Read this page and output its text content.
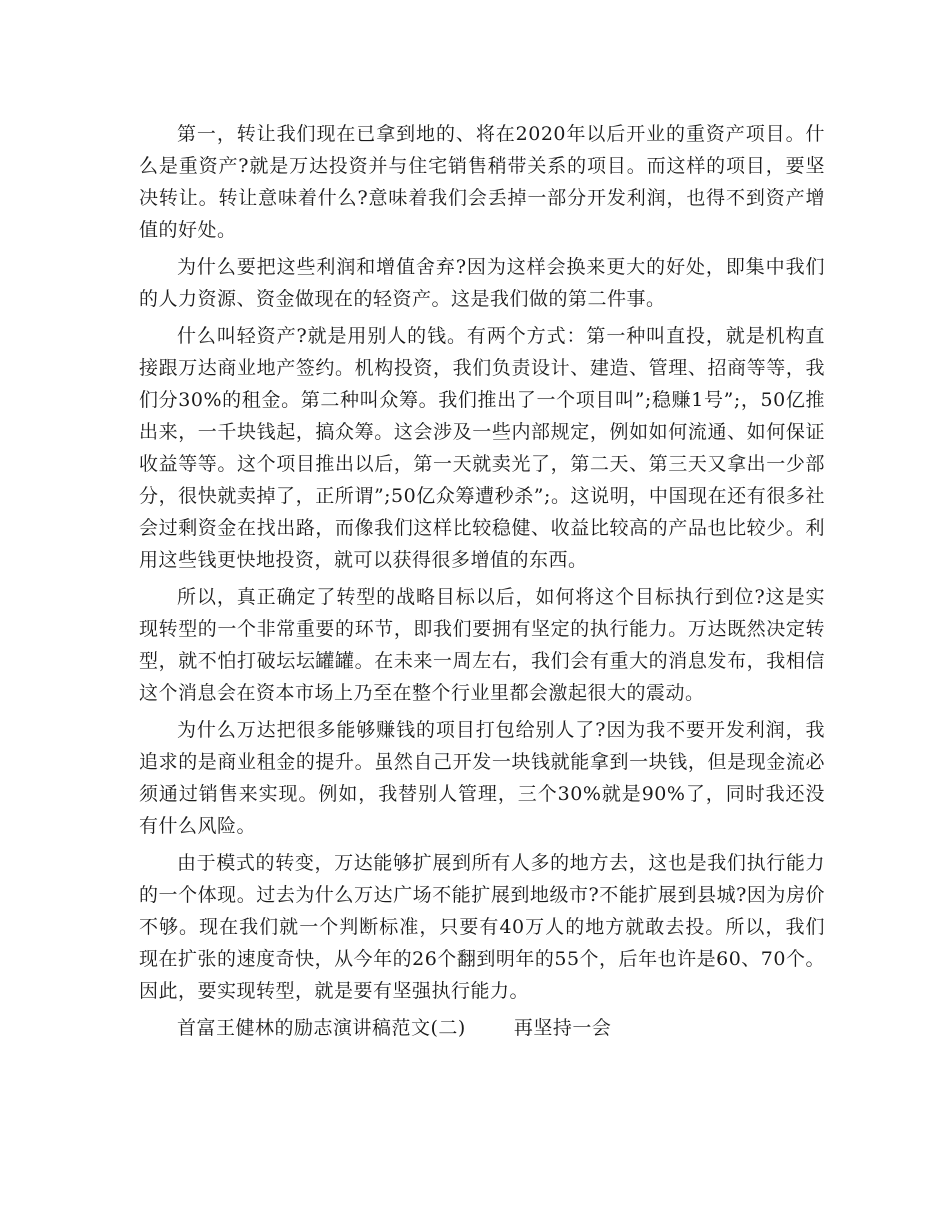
第一，转让我们现在已拿到地的、将在2020年以后开业的重资产项目。什么是重资产?就是万达投资并与住宅销售稍带关系的项目。而这样的项目，要坚决转让。转让意味着什么?意味着我们会丢掉一部分开发利润，也得不到资产增值的好处。

为什么要把这些利润和增值舍弃?因为这样会换来更大的好处，即集中我们的人力资源、资金做现在的轻资产。这是我们做的第二件事。

什么叫轻资产?就是用别人的钱。有两个方式：第一种叫直投，就是机构直接跟万达商业地产签约。机构投资，我们负责设计、建造、管理、招商等等，我们分30%的租金。第二种叫众筹。我们推出了一个项目叫”;稳赚1号”;，50亿推出来，一千块钱起，搞众筹。这会涉及一些内部规定，例如如何流通、如何保证收益等等。这个项目推出以后，第一天就卖光了，第二天、第三天又拿出一少部分，很快就卖掉了，正所谓”;50亿众筹遭秒杀”;。这说明，中国现在还有很多社会过剩资金在找出路，而像我们这样比较稳健、收益比较高的产品也比较少。利用这些钱更快地投资，就可以获得很多增值的东西。

所以，真正确定了转型的战略目标以后，如何将这个目标执行到位?这是实现转型的一个非常重要的环节，即我们要拥有坚定的执行能力。万达既然决定转型，就不怕打破坛坛罐罐。在未来一周左右，我们会有重大的消息发布，我相信这个消息会在资本市场上乃至在整个行业里都会激起很大的震动。

为什么万达把很多能够赚钱的项目打包给别人了?因为我不要开发利润，我追求的是商业租金的提升。虽然自己开发一块钱就能拿到一块钱，但是现金流必须通过销售来实现。例如，我替别人管理，三个30%就是90%了，同时我还没有什么风险。

由于模式的转变，万达能够扩展到所有人多的地方去，这也是我们执行能力的一个体现。过去为什么万达广场不能扩展到地级市?不能扩展到县城?因为房价不够。现在我们就一个判断标准，只要有40万人的地方就敢去投。所以，我们现在扩张的速度奇快，从今年的26个翻到明年的55个，后年也许是60、70个。因此，要实现转型，就是要有坚强执行能力。

首富王健林的励志演讲稿范文(二)	再坚持一会
